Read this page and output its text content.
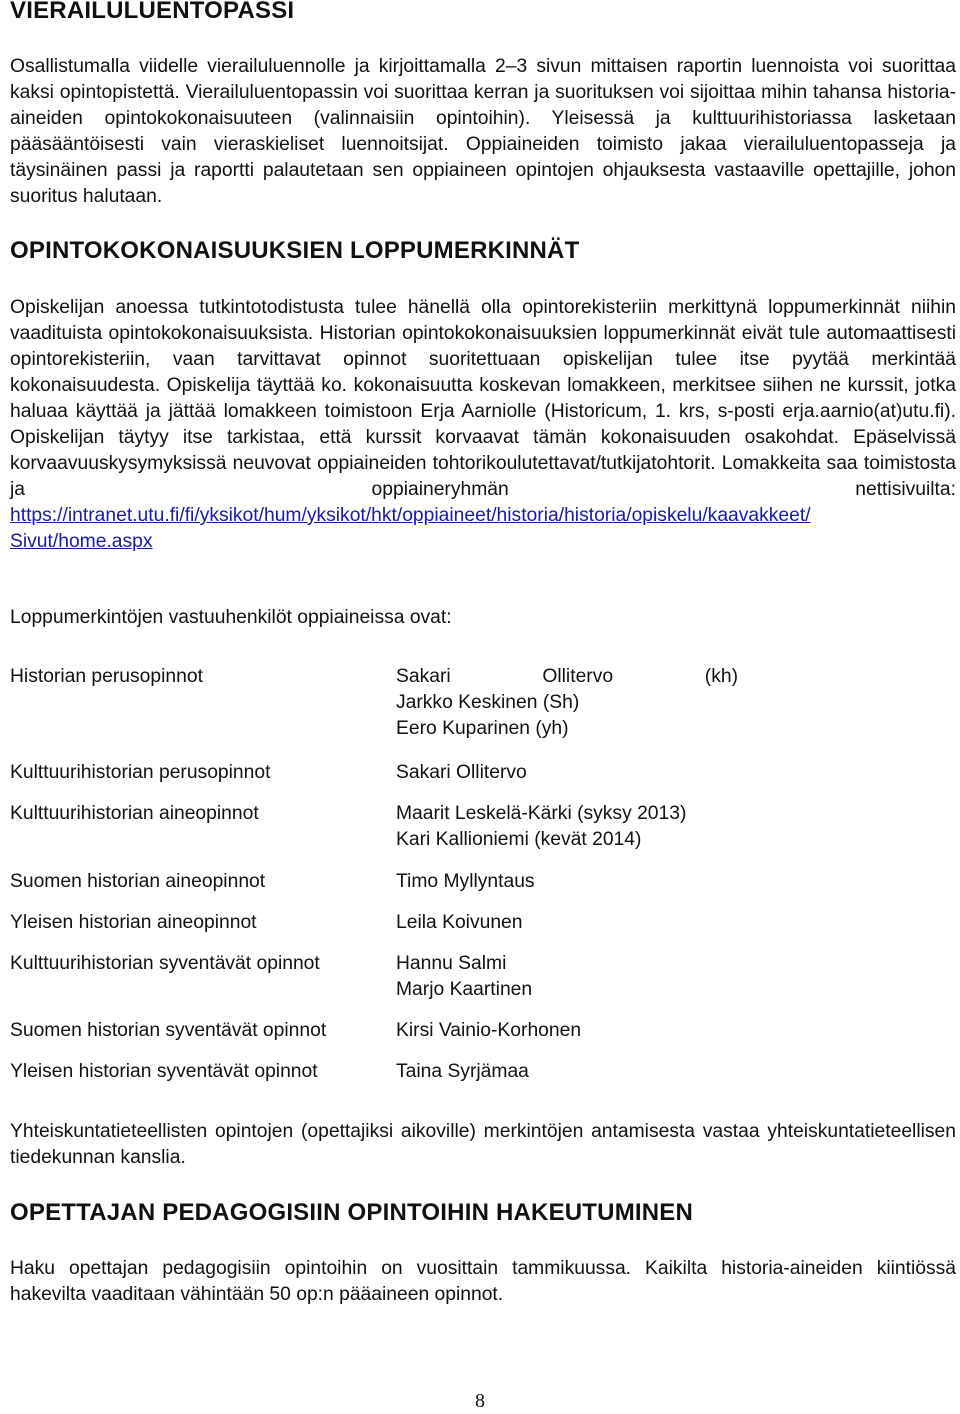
VIERAILULUENTOPASSI

Osallistumalla viidelle vierailuluennolle ja kirjoittamalla 2–3 sivun mittaisen raportin luennoista voi suorittaa kaksi opintopistettä. Vierailuluentopassin voi suorittaa kerran ja suorituksen voi sijoittaa mihin tahansa historia-aineiden opintokokonaisuuteen (valinnaisiin opintoihin). Yleisessä ja kulttuurihistoriassa lasketaan pääsääntöisesti vain vieraskieliset luennoitsijat. Oppiaineiden toimisto jakaa vierailuluentopasseja ja täysinäinen passi ja raportti palautetaan sen oppiaineen opintojen ohjauksesta vastaaville opettajille, johon suoritus halutaan.

OPINTOKOKONAISUUKSIEN LOPPUMERKINNÄT

Opiskelijan anoessa tutkintotodistusta tulee hänellä olla opintorekisteriin merkittynä loppumerkinnät niihin vaadituista opintokokonaisuuksista. Historian opintokokonaisuuksien loppumerkinnät eivät tule automaattisesti opintorekisteriin, vaan tarvittavat opinnot suoritettuaan opiskelijan tulee itse pyytää merkintää kokonaisuudesta. Opiskelija täyttää ko. kokonaisuutta koskevan lomakkeen, merkitsee siihen ne kurssit, jotka haluaa käyttää ja jättää lomakkeen toimistoon Erja Aarniolle (Historicum, 1. krs, s-posti erja.aarnio(at)utu.fi). Opiskelijan täytyy itse tarkistaa, että kurssit korvaavat tämän kokonaisuuden osakohdat. Epäselvissä korvaavuuskysymyksissä neuvovat oppiaineiden tohtorikoulutettavat/tutkijatohtorit. Lomakkeita saa toimistosta ja oppiaineryhmän nettisivuilta: https://intranet.utu.fi/fi/yksikot/hum/yksikot/hkt/oppiaineet/historia/historia/opiskelu/kaavakkeet/
Sivut/home.aspx

Loppumerkintöjen vastuuhenkilöt oppiaineissa ovat:
Historian perusopinnot	Sakari Ollitervo (kh)
Jarkko Keskinen (Sh)
Eero Kuparinen (yh)

Kulttuurihistorian perusopinnot	Sakari Ollitervo

Kulttuurihistorian aineopinnot	Maarit Leskelä-Kärki (syksy 2013)
Kari Kallioniemi (kevät 2014)

Suomen historian aineopinnot	Timo Myllyntaus

Yleisen historian aineopinnot	Leila Koivunen

Kulttuurihistorian syventävät opinnot	Hannu Salmi
Marjo Kaartinen

Suomen historian syventävät opinnot	Kirsi Vainio-Korhonen

Yleisen historian syventävät opinnot	Taina Syrjämaa

Yhteiskuntatieteellisten opintojen (opettajiksi aikoville) merkintöjen antamisesta vastaa yhteiskuntatieteellisen tiedekunnan kanslia.

OPETTAJAN PEDAGOGISIIN OPINTOIHIN HAKEUTUMINEN

Haku opettajan pedagogisiin opintoihin on vuosittain tammikuussa. Kaikilta historia-aineiden kiintiössä hakevilta vaaditaan vähintään 50 op:n pääaineen opinnot.

8
